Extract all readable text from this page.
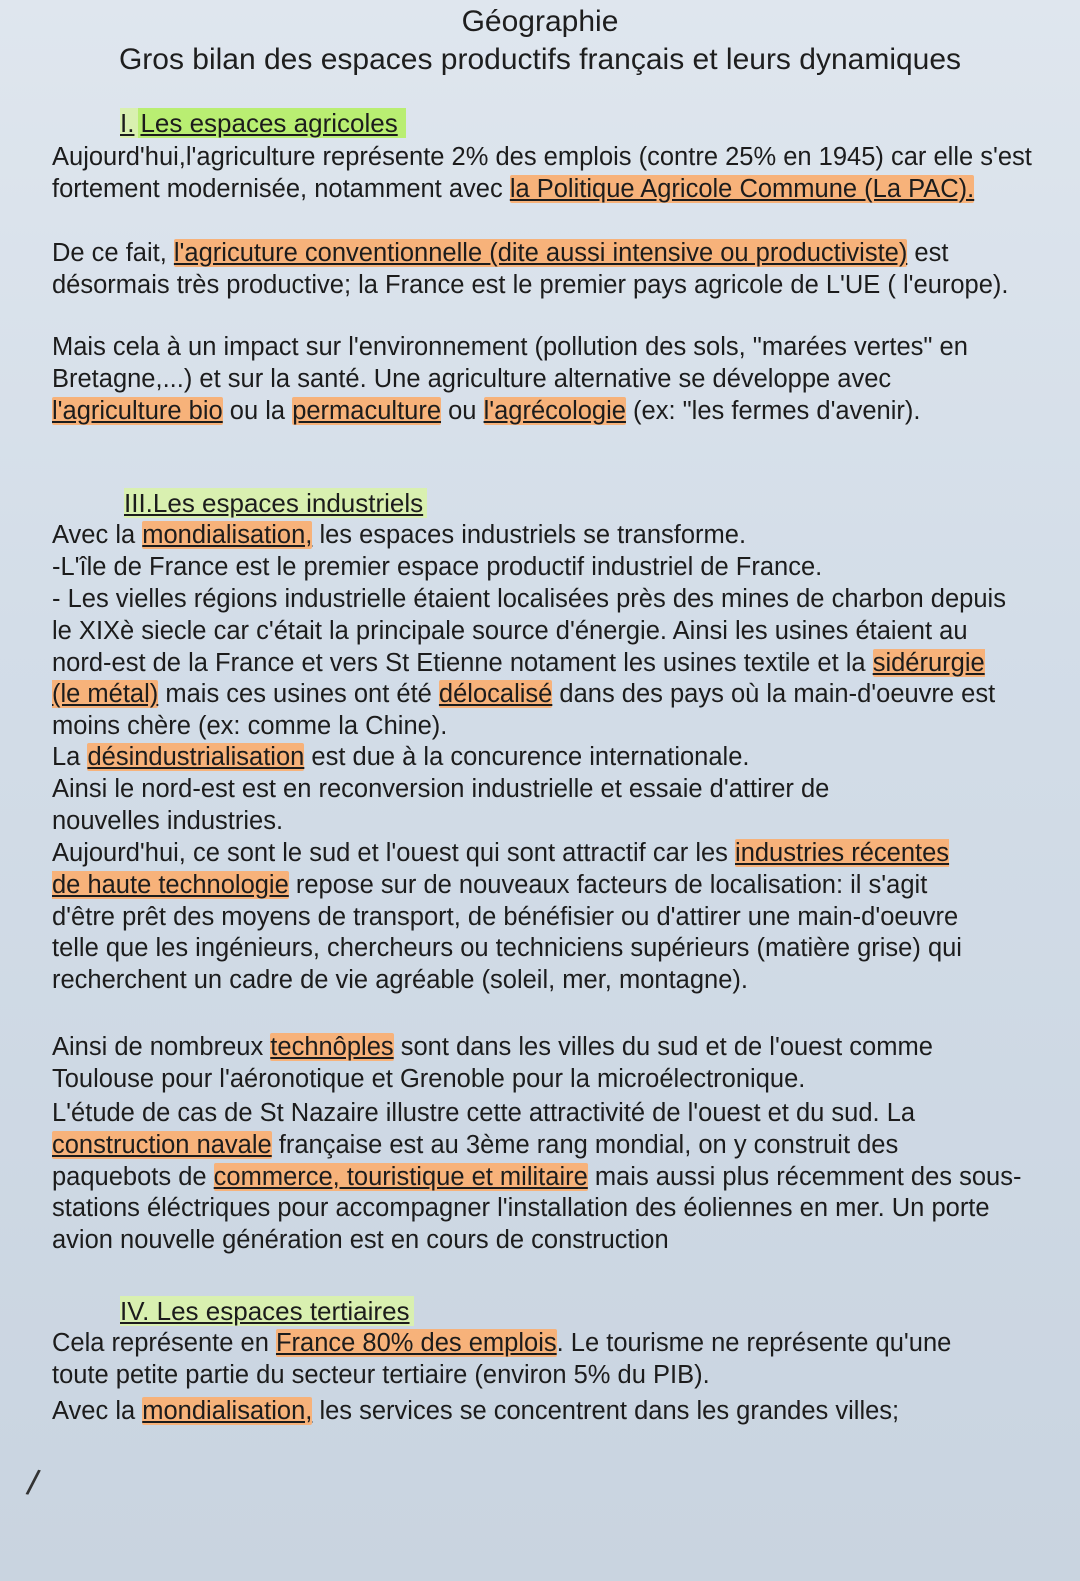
Géographie
Gros bilan des espaces productifs français et leurs dynamiques
I. Les espaces agricoles

Aujourd'hui,l'agriculture représente 2% des emplois (contre 25% en 1945) car elle s'est fortement modernisée, notamment avec la Politique Agricole Commune (La PAC).

De ce fait, l'agricuture conventionnelle (dite aussi intensive ou productiviste) est désormais très productive; la France est le premier pays agricole de L'UE ( l'europe).

Mais cela à un impact sur l'environnement (pollution des sols, "marées vertes" en Bretagne,...) et sur la santé. Une agriculture alternative se développe avec l'agriculture bio ou la permaculture ou l'agrécologie (ex: "les fermes d'avenir).

III.Les espaces industriels

Avec la mondialisation, les espaces industriels se transforme.

-L'île de France est le premier espace productif industriel de France.

- Les vielles régions industrielle étaient localisées près des mines de charbon depuis le XIXè siecle car c'était la principale source d'énergie. Ainsi les usines étaient au nord-est de la France et vers St Etienne notament les usines textile et la sidérurgie (le métal) mais ces usines ont été délocalisé dans des pays où la main-d'oeuvre est moins chère (ex: comme la Chine).

La désindustrialisation est due à la concurence internationale.

Ainsi le nord-est est en reconversion industrielle et essaie d'attirer de nouvelles industries.

Aujourd'hui, ce sont le sud et l'ouest qui sont attractif car les industries récentes de haute technologie repose sur de nouveaux facteurs de localisation: il s'agit d'être prêt des moyens de transport, de bénéfisier ou d'attirer une main-d'oeuvre telle que les ingénieurs, chercheurs ou techniciens supérieurs (matière grise) qui recherchent un cadre de vie agréable (soleil, mer, montagne).

Ainsi de nombreux technôples sont dans les villes du sud et de l'ouest comme Toulouse pour l'aéronotique et Grenoble pour la microélectronique.

L'étude de cas de St Nazaire illustre cette attractivité de l'ouest et du sud. La construction navale française est au 3ème rang mondial, on y construit des paquebots de commerce, touristique et militaire mais aussi plus récemment des sous-stations éléctriques pour accompagner l'installation des éoliennes en mer. Un porte avion nouvelle génération est en cours de construction

IV. Les espaces tertiaires

Cela représente en France 80% des emplois. Le tourisme ne représente qu'une toute petite partie du secteur tertiaire (environ 5% du PIB).

Avec la mondialisation, les services se concentrent dans les grandes villes;

/
